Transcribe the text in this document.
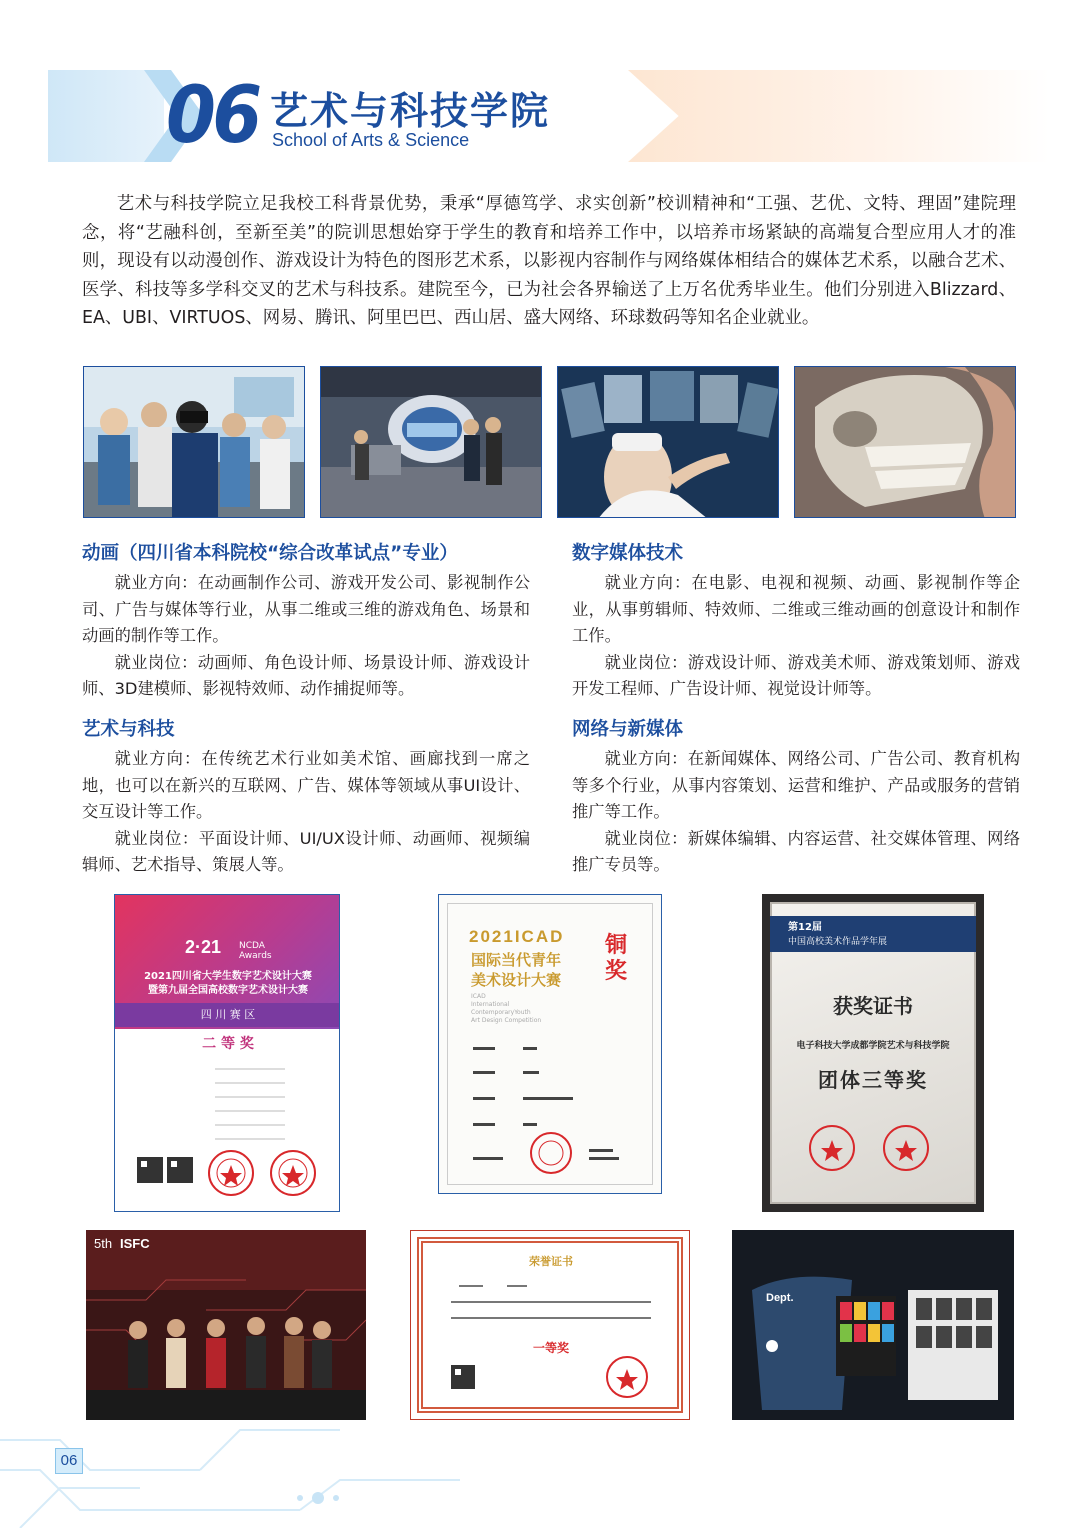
06 艺术与科技学院
School of Arts & Science

艺术与科技学院立足我校工科背景优势，秉承“厚德笃学、求实创新”校训精神和“工强、艺优、文特、理固”建院理念，将“艺融科创，至新至美”的院训思想始穿于学生的教育和培养工作中，以培养市场紧缺的高端复合型应用人才的准则，现设有以动漫创作、游戏设计为特色的图形艺术系，以影视内容制作与网络媒体相结合的媒体艺术系，以融合艺术、医学、科技等多学科交叉的艺术与科技系。建院至今，已为社会各界输送了上万名优秀毕业生。他们分别进入Blizzard、EA、UBI、VIRTUOS、网易、腾讯、阿里巴巴、西山居、盛大网络、环球数码等知名企业就业。

动画（四川省本科院校“综合改革试点”专业）

就业方向：在动画制作公司、游戏开发公司、影视制作公司、广告与媒体等行业，从事二维或三维的游戏角色、场景和动画的制作等工作。

就业岗位：动画师、角色设计师、场景设计师、游戏设计师、3D建模师、影视特效师、动作捕捉师等。

数字媒体技术

就业方向：在电影、电视和视频、动画、影视制作等企业，从事剪辑师、特效师、二维或三维动画的创意设计和制作工作。

就业岗位：游戏设计师、游戏美术师、游戏策划师、游戏开发工程师、广告设计师、视觉设计师等。

艺术与科技

就业方向：在传统艺术行业如美术馆、画廊找到一席之地，也可以在新兴的互联网、广告、媒体等领域从事UI设计、交互设计等工作。

就业岗位：平面设计师、UI/UX设计师、动画师、视频编辑师、艺术指导、策展人等。

网络与新媒体

就业方向：在新闻媒体、网络公司、广告公司、教育机构等多个行业，从事内容策划、运营和维护、产品或服务的营销推广等工作。

就业岗位：新媒体编辑、内容运营、社交媒体管理、网络推广专员等。

2·21 NCDA Awards
2021四川省大学生数字艺术设计大赛
暨第九届全国高校数字艺术设计大赛
四 川 赛 区
二 等 奖
2021ICAD
国际当代青年
美术设计大赛
铜奖
ICAD
International
ContemporaryYouth
Art Design Competition
第12届
中国高校美术作品学年展
获奖证书
电子科技大学成都学院艺术与科技学院
团体三等奖
5th ISFC
荣誉证书
一等奖
Dept.
06
